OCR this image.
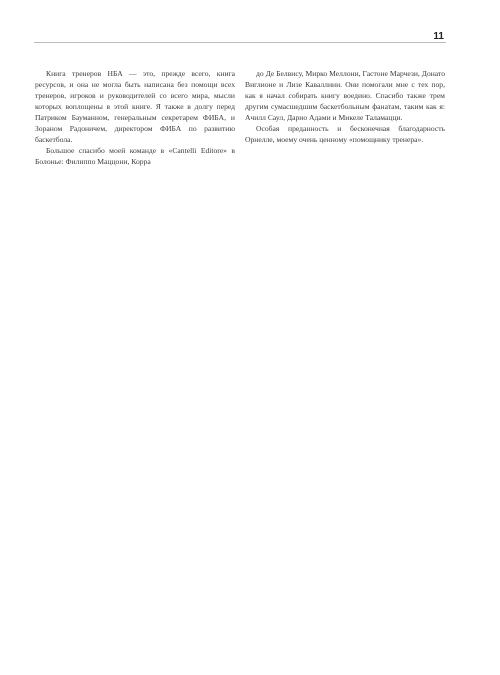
11

Книга тренеров НБА — это, прежде всего, книга ресурсов, и она не могла быть написана без помощи всех тренеров, игроков и руководителей со всего мира, мысли которых воплощены в этой книге. Я также в долгу перед Патриком Бауманном, генеральным секретарем ФИБА, и Зораном Радоничем, директором ФИБА по развитию баскетбола.

Большое спасибо моей команде в «Cantelli Editore» в Болонье: Филиппо Маццони, Корра

до Де Белвису, Мирко Меллони, Гастоне Марчези, Донато Виглионе и Лизе Каваллини. Они помогали мне с тех пор, как я начал собирать книгу воедино. Спасибо также трем другим сумасшедшим баскетбольным фанатам, таким как я: Ачилл Саул, Дарио Адами и Микеле Таламацци.

Особая преданность и бесконечная благодарность Орнелле, моему очень ценному «помощнику тренера».
